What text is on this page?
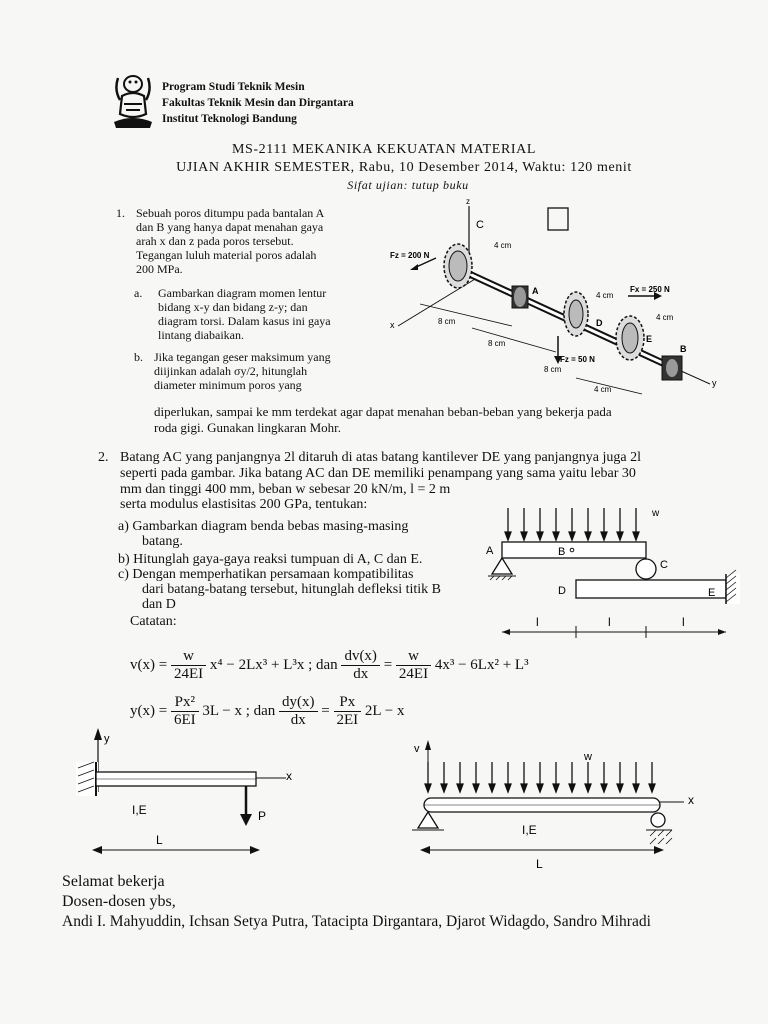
Program Studi Teknik Mesin
Fakultas Teknik Mesin dan Dirgantara
Institut Teknologi Bandung
MS-2111 MEKANIKA KEKUATAN MATERIAL
UJIAN AKHIR SEMESTER, Rabu, 10 Desember 2014, Waktu: 120 menit
Sifat ujian: tutup buku
1. Sebuah poros ditumpu pada bantalan A
dan B yang hanya dapat menahan gaya
arah x dan z pada poros tersebut.
Tegangan luluh material poros adalah
200 MPa.
a. Gambarkan diagram momen lentur
bidang x-y dan bidang z-y; dan
diagram torsi. Dalam kasus ini gaya
lintang diabaikan.
b. Jika tegangan geser maksimum yang
diijinkan adalah σy/2, hitunglah
diameter minimum poros yang
diperlukan, sampai ke mm terdekat agar dapat menahan beban-beban yang bekerja pada
roda gigi. Gunakan lingkaran Mohr.
z
C
x
y
Fz = 200 N
4 cm
A
D
4 cm
Fx = 250 N
E
4 cm
Fz = 50 N
B
8 cm
8 cm
8 cm
4 cm
2. Batang AC yang panjangnya 2l ditaruh di atas batang kantilever DE yang panjangnya juga 2l
seperti pada gambar. Jika batang AC dan DE memiliki penampang yang sama yaitu lebar 30
mm dan tinggi 400 mm, beban w sebesar 20 kN/m, l = 2 m
serta modulus elastisitas 200 GPa, tentukan:
a) Gambarkan diagram benda bebas masing-masing
batang.
b) Hitunglah gaya-gaya reaksi tumpuan di A, C dan E.
c) Dengan memperhatikan persamaan kompatibilitas
dari batang-batang tersebut, hitunglah defleksi titik B
dan D
Catatan:
w
A	B
C
D	E
l	l	l
$v(x) = \frac{w}{24EI} x^4 - 2Lx^3 + L^3x$ ; dan $\frac{dv(x)}{dx} = \frac{w}{24EI} 4x^3 - 6Lx^2 + L^3$
$y(x) = \frac{\text{Px²}}{6EI} 3L - x$ ; dan $\frac{dy(x)}{dx} = \frac{Px}{2EI} 2L - x$
y
x
I,E	P
L
v
w
x
I,E
L
Selamat bekerja
Dosen-dosen ybs,
Andi I. Mahyuddin, Ichsan Setya Putra, Tatacipta Dirgantara, Djarot Widagdo, Sandro Mihradi
